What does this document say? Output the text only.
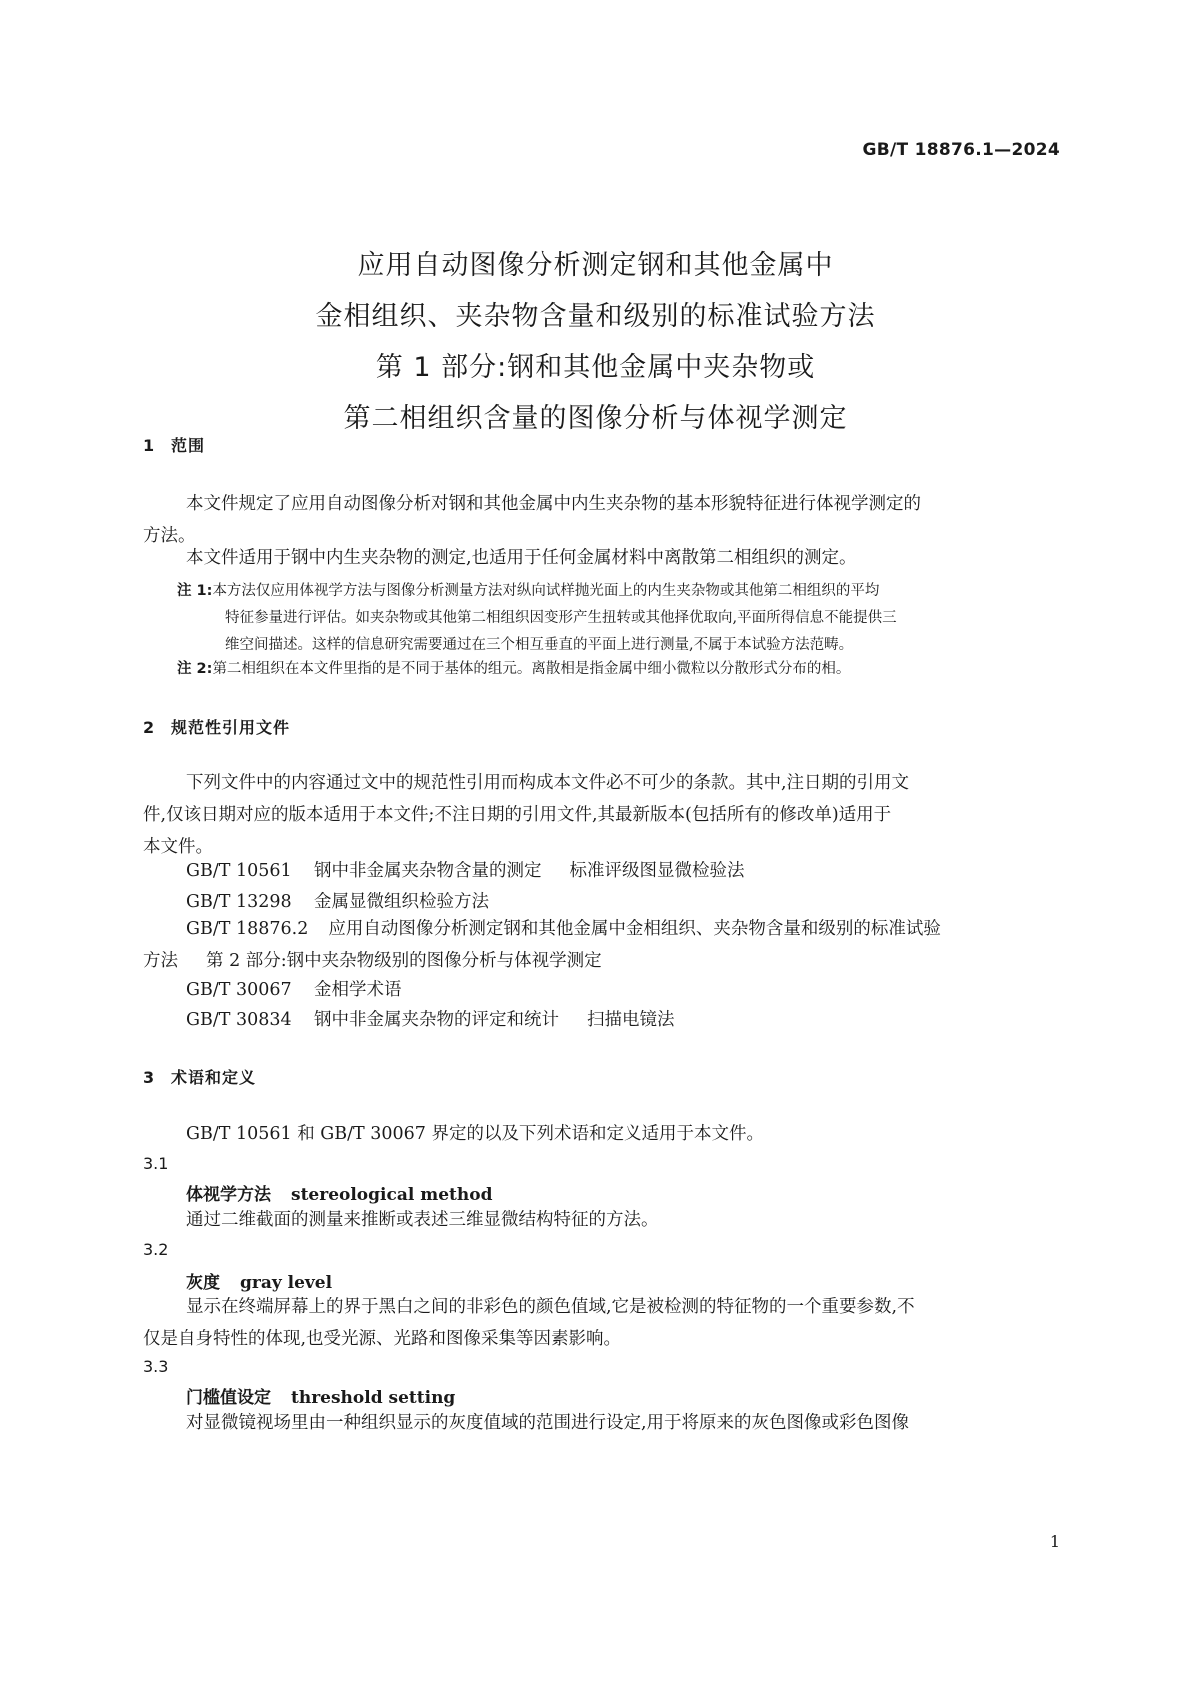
GB/T 18876.1—2024
应用自动图像分析测定钢和其他金属中
金相组织、夹杂物含量和级别的标准试验方法
第 1 部分:钢和其他金属中夹杂物或
第二相组织含量的图像分析与体视学测定
1 范围
本文件规定了应用自动图像分析对钢和其他金属中内生夹杂物的基本形貌特征进行体视学测定的
方法。
本文件适用于钢中内生夹杂物的测定,也适用于任何金属材料中离散第二相组织的测定。
注 1:本方法仅应用体视学方法与图像分析测量方法对纵向试样抛光面上的内生夹杂物或其他第二相组织的平均
特征参量进行评估。如夹杂物或其他第二相组织因变形产生扭转或其他择优取向,平面所得信息不能提供三
维空间描述。这样的信息研究需要通过在三个相互垂直的平面上进行测量,不属于本试验方法范畴。
注 2:第二相组织在本文件里指的是不同于基体的组元。离散相是指金属中细小微粒以分散形式分布的相。
2 规范性引用文件
下列文件中的内容通过文中的规范性引用而构成本文件必不可少的条款。其中,注日期的引用文
件,仅该日期对应的版本适用于本文件;不注日期的引用文件,其最新版本(包括所有的修改单)适用于
本文件。
GB/T 10561 钢中非金属夹杂物含量的测定 标准评级图显微检验法
GB/T 13298 金属显微组织检验方法
GB/T 18876.2 应用自动图像分析测定钢和其他金属中金相组织、夹杂物含量和级别的标准试验
方法 第 2 部分:钢中夹杂物级别的图像分析与体视学测定
GB/T 30067 金相学术语
GB/T 30834 钢中非金属夹杂物的评定和统计 扫描电镜法
3 术语和定义
GB/T 10561 和 GB/T 30067 界定的以及下列术语和定义适用于本文件。
3.1
体视学方法 stereological method
通过二维截面的测量来推断或表述三维显微结构特征的方法。
3.2
灰度 gray level
显示在终端屏幕上的界于黑白之间的非彩色的颜色值域,它是被检测的特征物的一个重要参数,不
仅是自身特性的体现,也受光源、光路和图像采集等因素影响。
3.3
门槛值设定 threshold setting
对显微镜视场里由一种组织显示的灰度值域的范围进行设定,用于将原来的灰色图像或彩色图像
1
